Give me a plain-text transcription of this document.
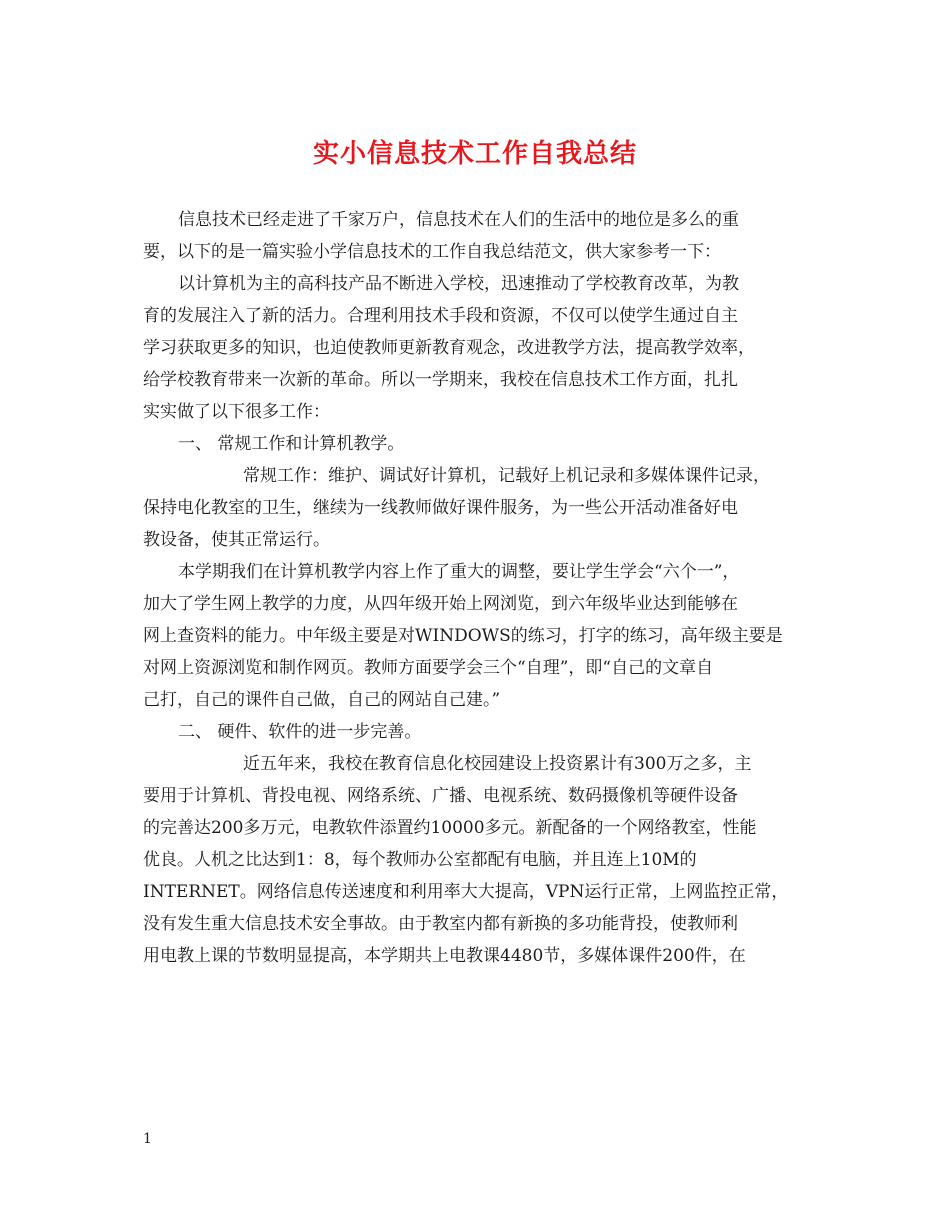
实小信息技术工作自我总结
信息技术已经走进了千家万户，信息技术在人们的生活中的地位是多么的重
要，以下的是一篇实验小学信息技术的工作自我总结范文，供大家参考一下：
以计算机为主的高科技产品不断进入学校，迅速推动了学校教育改革，为教
育的发展注入了新的活力。合理利用技术手段和资源，不仅可以使学生通过自主
学习获取更多的知识，也迫使教师更新教育观念，改进教学方法，提高教学效率，
给学校教育带来一次新的革命。所以一学期来，我校在信息技术工作方面，扎扎
实实做了以下很多工作：
一、 常规工作和计算机教学。
常规工作：维护、调试好计算机，记载好上机记录和多媒体课件记录，
保持电化教室的卫生，继续为一线教师做好课件服务，为一些公开活动准备好电
教设备，使其正常运行。
本学期我们在计算机教学内容上作了重大的调整，要让学生学会“六个一”，
加大了学生网上教学的力度，从四年级开始上网浏览，到六年级毕业达到能够在
网上查资料的能力。中年级主要是对WINDOWS的练习，打字的练习，高年级主要是
对网上资源浏览和制作网页。教师方面要学会三个“自理”，即“自己的文章自
己打，自己的课件自己做，自己的网站自己建。”
二、 硬件、软件的进一步完善。
近五年来，我校在教育信息化校园建设上投资累计有300万之多，主
要用于计算机、背投电视、网络系统、广播、电视系统、数码摄像机等硬件设备
的完善达200多万元，电教软件添置约10000多元。新配备的一个网络教室，性能
优良。人机之比达到1：8，每个教师办公室都配有电脑，并且连上10M的
INTERNET。网络信息传送速度和利用率大大提高，VPN运行正常，上网监控正常，
没有发生重大信息技术安全事故。由于教室内都有新换的多功能背投，使教师利
用电教上课的节数明显提高，本学期共上电教课4480节，多媒体课件200件，在
1
